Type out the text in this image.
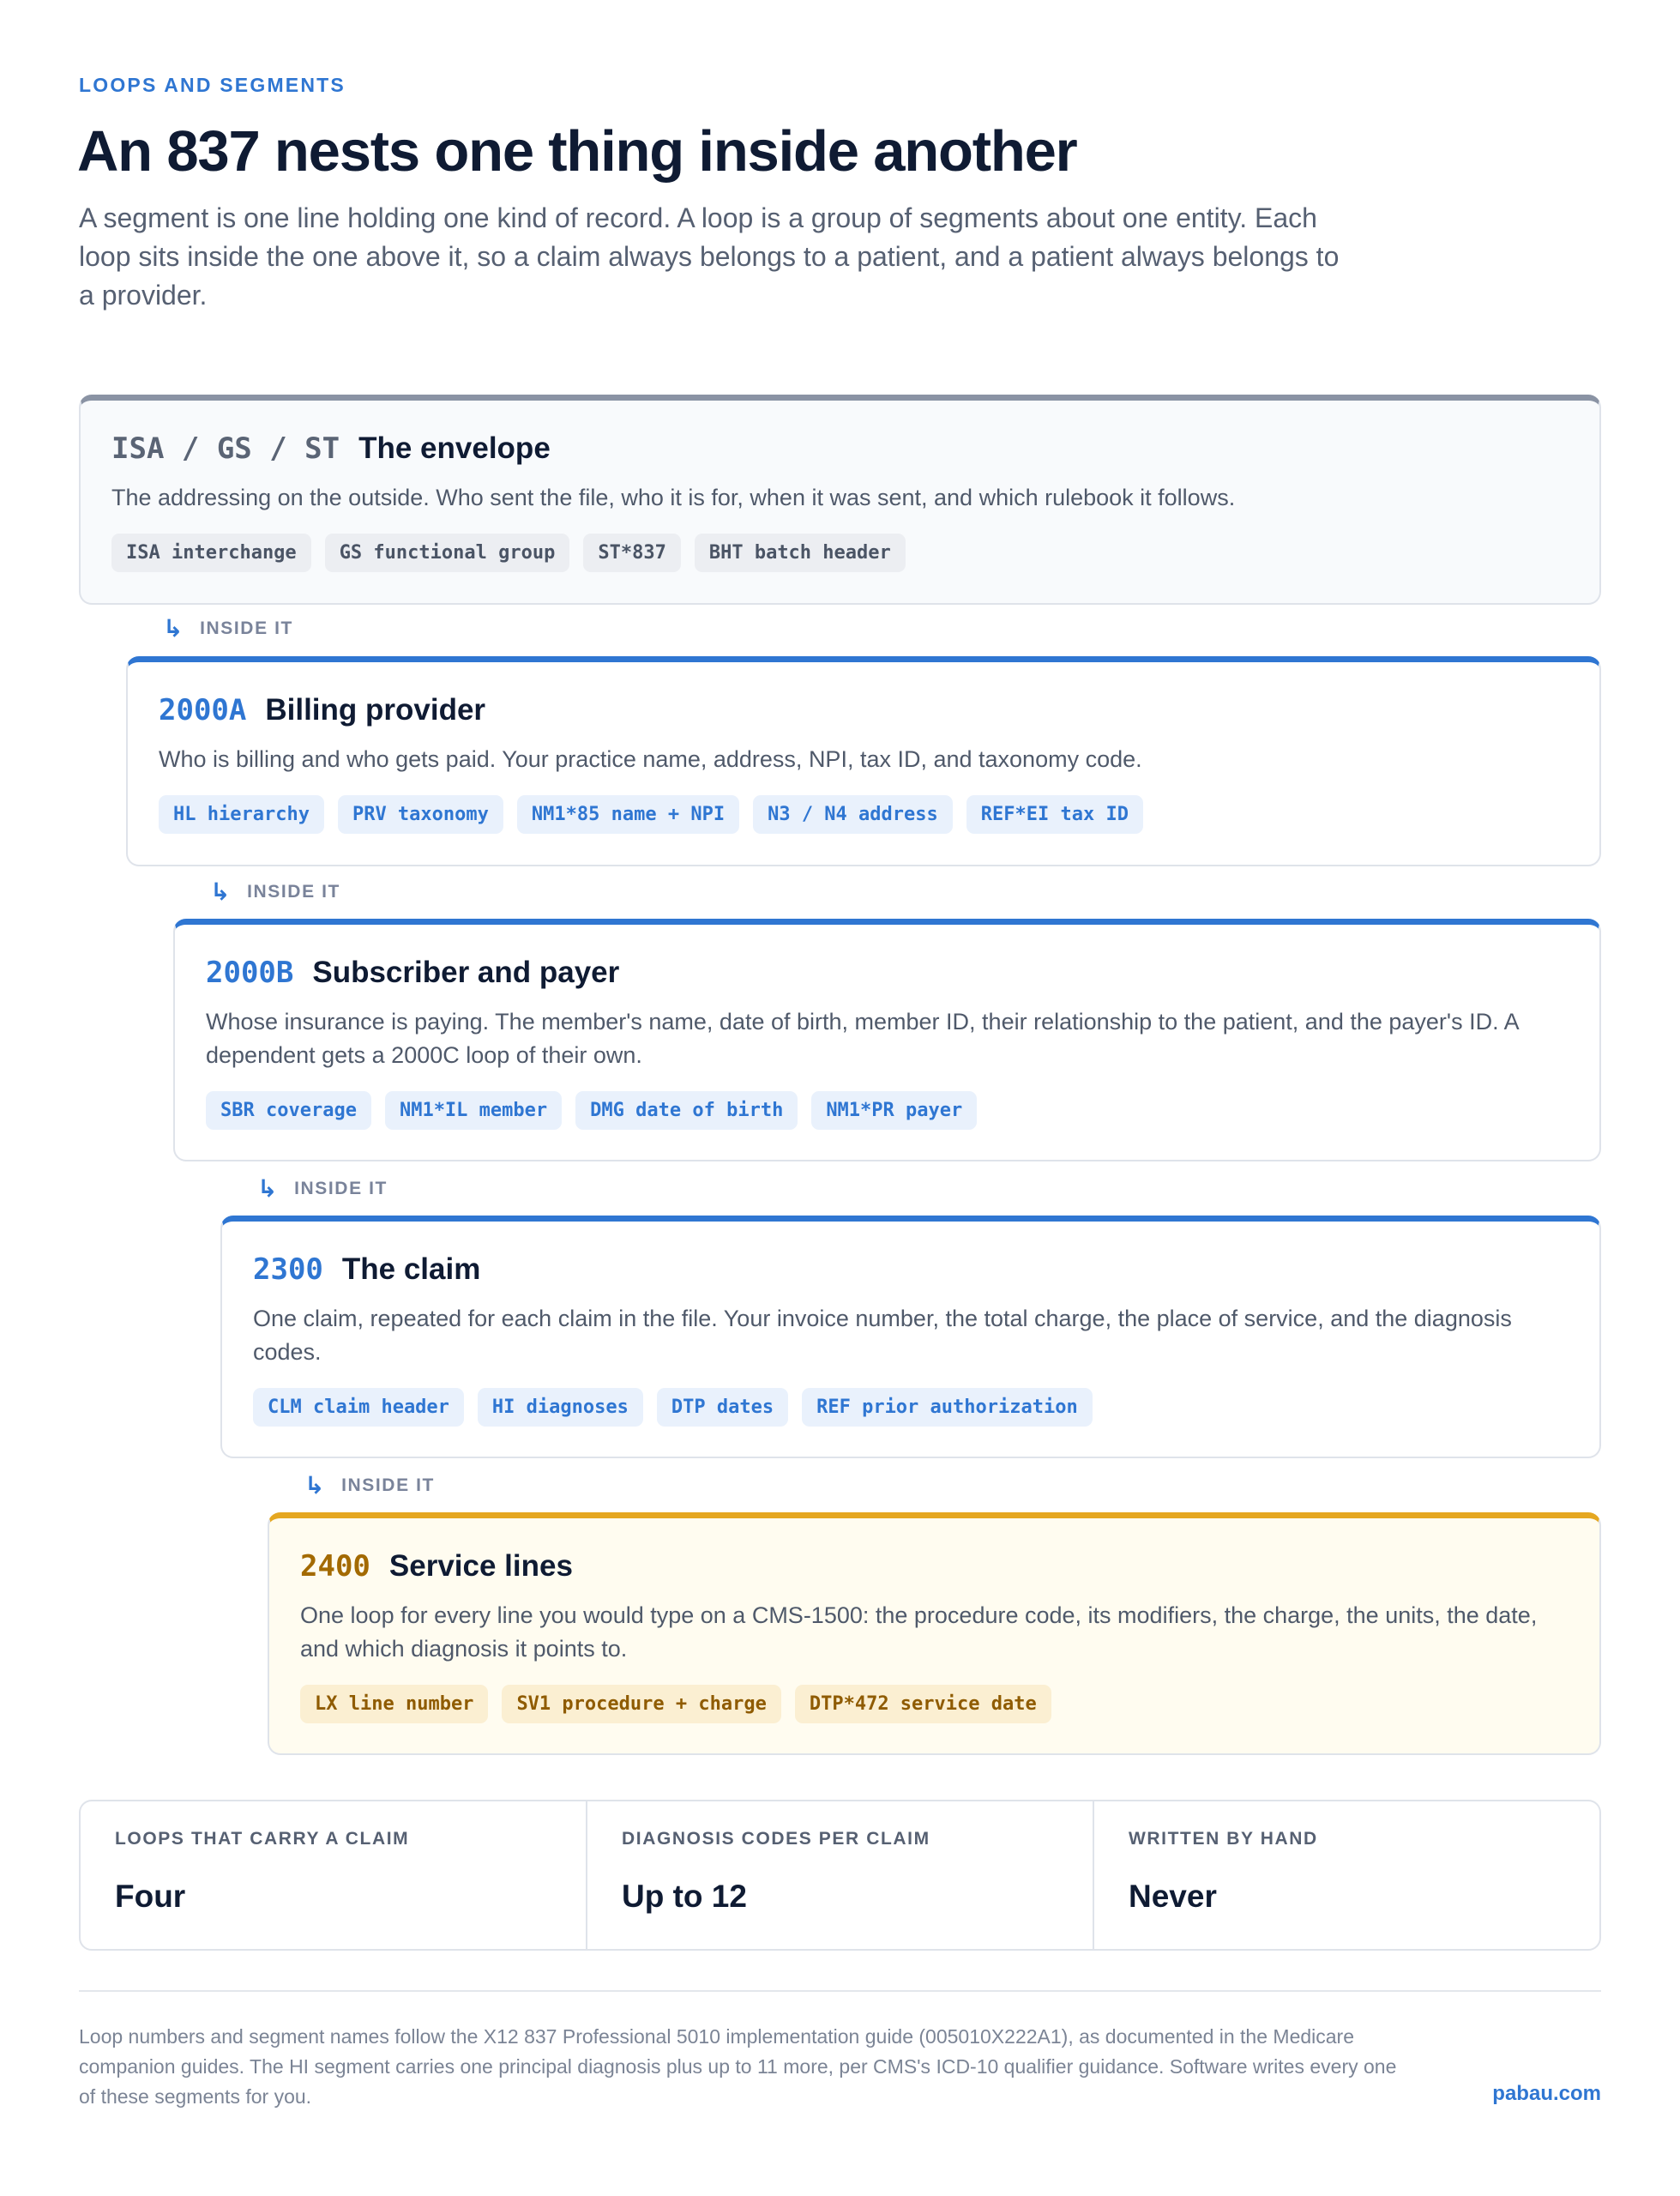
LOOPS AND SEGMENTS
An 837 nests one thing inside another

A segment is one line holding one kind of record. A loop is a group of segments about one entity. Each loop sits inside the one above it, so a claim always belongs to a patient, and a patient always belongs to a provider.

ISA / GS / ST The envelope
The addressing on the outside. Who sent the file, who it is for, when it was sent, and which rulebook it follows.
ISA interchange	GS functional group	ST*837	BHT batch header
↳ INSIDE IT
2000A Billing provider
Who is billing and who gets paid. Your practice name, address, NPI, tax ID, and taxonomy code.
HL hierarchy	PRV taxonomy	NM1*85 name + NPI	N3 / N4 address	REF*EI tax ID
↳ INSIDE IT
2000B Subscriber and payer
Whose insurance is paying. The member's name, date of birth, member ID, their relationship to the patient, and the payer's ID. A dependent gets a 2000C loop of their own.
SBR coverage	NM1*IL member	DMG date of birth	NM1*PR payer
↳ INSIDE IT
2300 The claim
One claim, repeated for each claim in the file. Your invoice number, the total charge, the place of service, and the diagnosis codes.
CLM claim header	HI diagnoses	DTP dates	REF prior authorization
↳ INSIDE IT
2400 Service lines
One loop for every line you would type on a CMS-1500: the procedure code, its modifiers, the charge, the units, the date, and which diagnosis it points to.
LX line number	SV1 procedure + charge	DTP*472 service date
LOOPS THAT CARRY A CLAIM
Four
DIAGNOSIS CODES PER CLAIM
Up to 12
WRITTEN BY HAND
Never

Loop numbers and segment names follow the X12 837 Professional 5010 implementation guide (005010X222A1), as documented in the Medicare companion guides. The HI segment carries one principal diagnosis plus up to 11 more, per CMS's ICD-10 qualifier guidance. Software writes every one of these segments for you.	pabau.com
